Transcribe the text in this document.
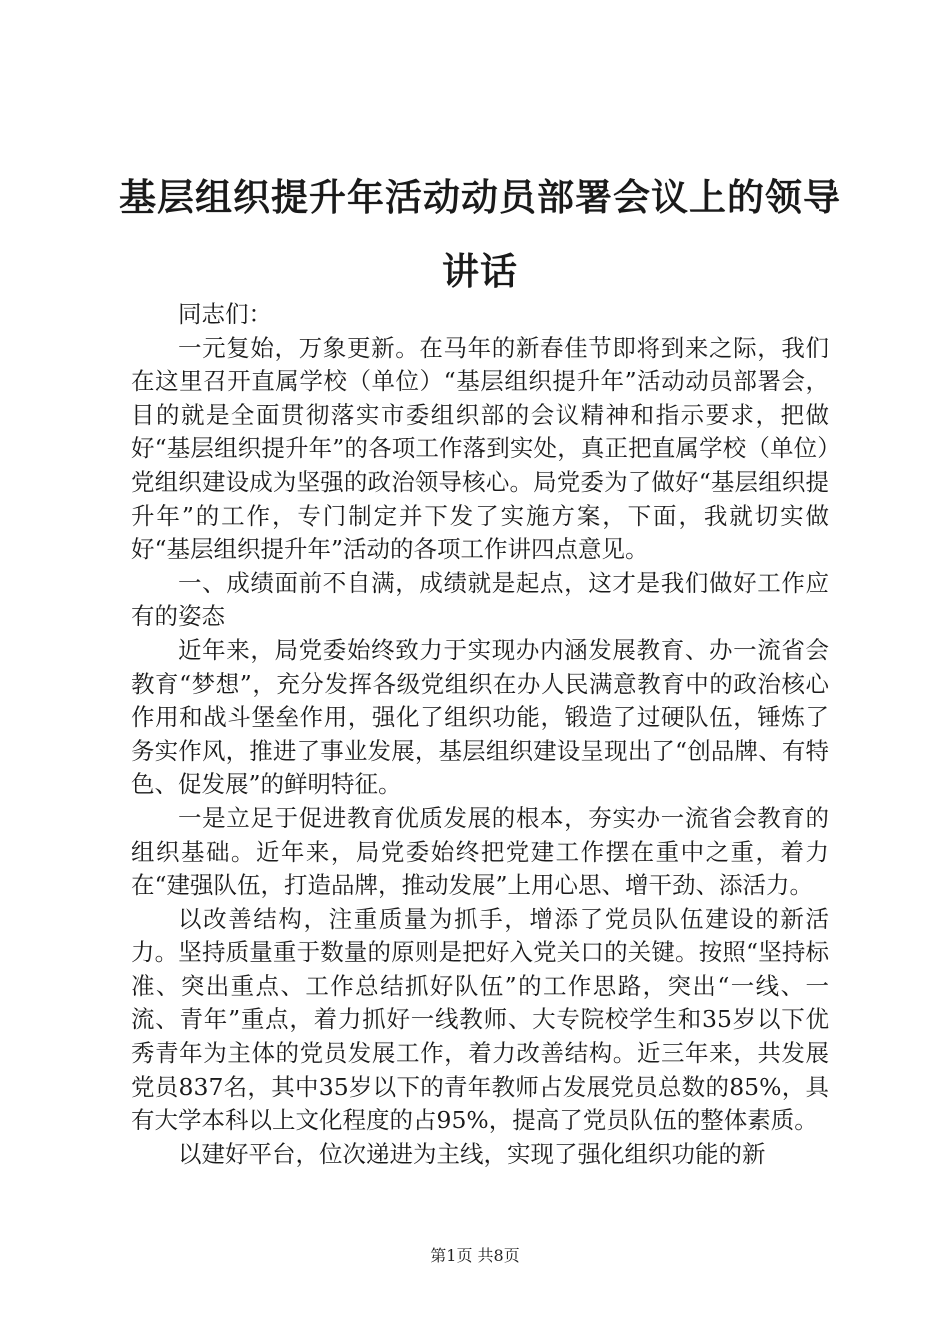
基层组织提升年活动动员部署会议上的领导讲话

同志们：

一元复始，万象更新。在马年的新春佳节即将到来之际，我们在这里召开直属学校（单位）“基层组织提升年”活动动员部署会，目的就是全面贯彻落实市委组织部的会议精神和指示要求，把做好“基层组织提升年”的各项工作落到实处，真正把直属学校（单位）党组织建设成为坚强的政治领导核心。局党委为了做好“基层组织提升年”的工作，专门制定并下发了实施方案，下面，我就切实做好“基层组织提升年”活动的各项工作讲四点意见。

一、成绩面前不自满，成绩就是起点，这才是我们做好工作应有的姿态

近年来，局党委始终致力于实现办内涵发展教育、办一流省会教育“梦想”，充分发挥各级党组织在办人民满意教育中的政治核心作用和战斗堡垒作用，强化了组织功能，锻造了过硬队伍，锤炼了务实作风，推进了事业发展，基层组织建设呈现出了“创品牌、有特色、促发展”的鲜明特征。

一是立足于促进教育优质发展的根本，夯实办一流省会教育的组织基础。近年来，局党委始终把党建工作摆在重中之重，着力在“建强队伍，打造品牌，推动发展”上用心思、增干劲、添活力。

以改善结构，注重质量为抓手，增添了党员队伍建设的新活力。坚持质量重于数量的原则是把好入党关口的关键。按照“坚持标准、突出重点、工作总结抓好队伍”的工作思路，突出“一线、一流、青年”重点，着力抓好一线教师、大专院校学生和35岁以下优秀青年为主体的党员发展工作，着力改善结构。近三年来，共发展党员837名，其中35岁以下的青年教师占发展党员总数的85%，具有大学本科以上文化程度的占95%，提高了党员队伍的整体素质。

以建好平台，位次递进为主线，实现了强化组织功能的新

第1页 共8页
